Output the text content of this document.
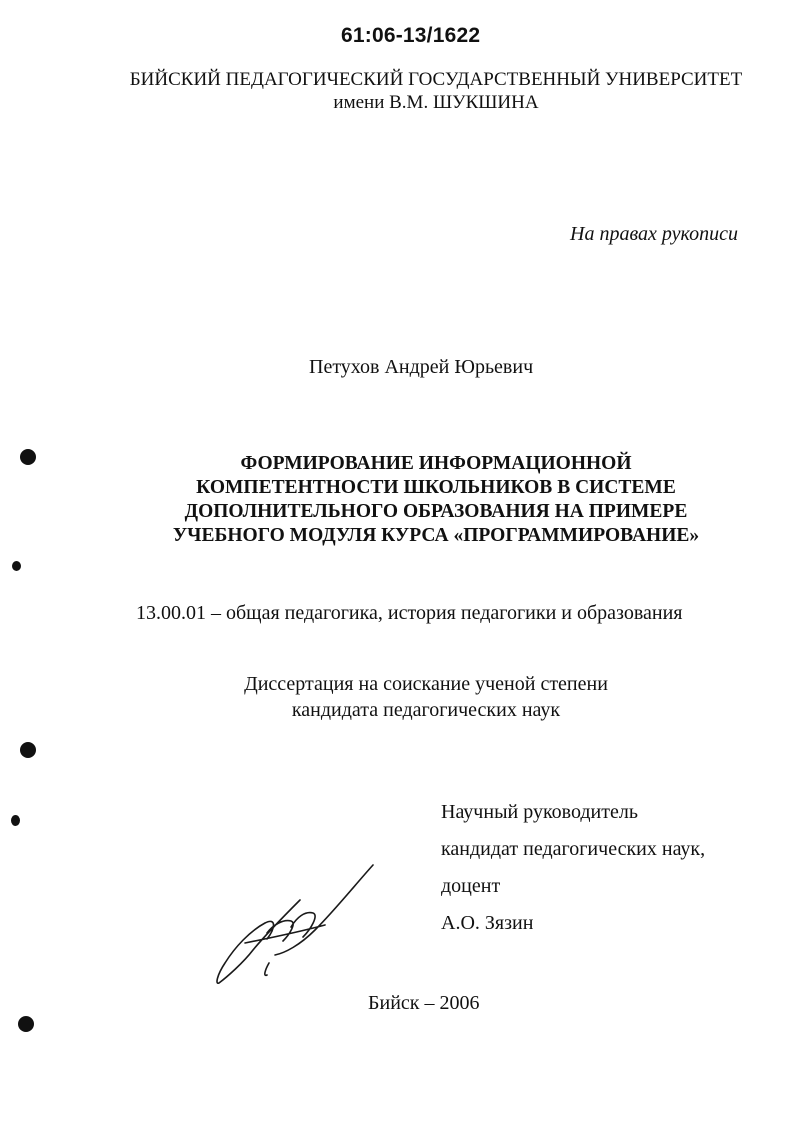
61:06-13/1622
БИЙСКИЙ ПЕДАГОГИЧЕСКИЙ ГОСУДАРСТВЕННЫЙ УНИВЕРСИТЕТ
имени В.М. ШУКШИНА
На правах рукописи
Петухов Андрей Юрьевич
ФОРМИРОВАНИЕ ИНФОРМАЦИОННОЙ
КОМПЕТЕНТНОСТИ ШКОЛЬНИКОВ В СИСТЕМЕ
ДОПОЛНИТЕЛЬНОГО ОБРАЗОВАНИЯ НА ПРИМЕРЕ
УЧЕБНОГО МОДУЛЯ КУРСА «ПРОГРАММИРОВАНИЕ»
13.00.01 – общая педагогика, история педагогики и образования
Диссертация на соискание ученой степени
кандидата педагогических наук
Научный руководитель
кандидат педагогических наук,
доцент
А.О. Зязин
Бийск – 2006
